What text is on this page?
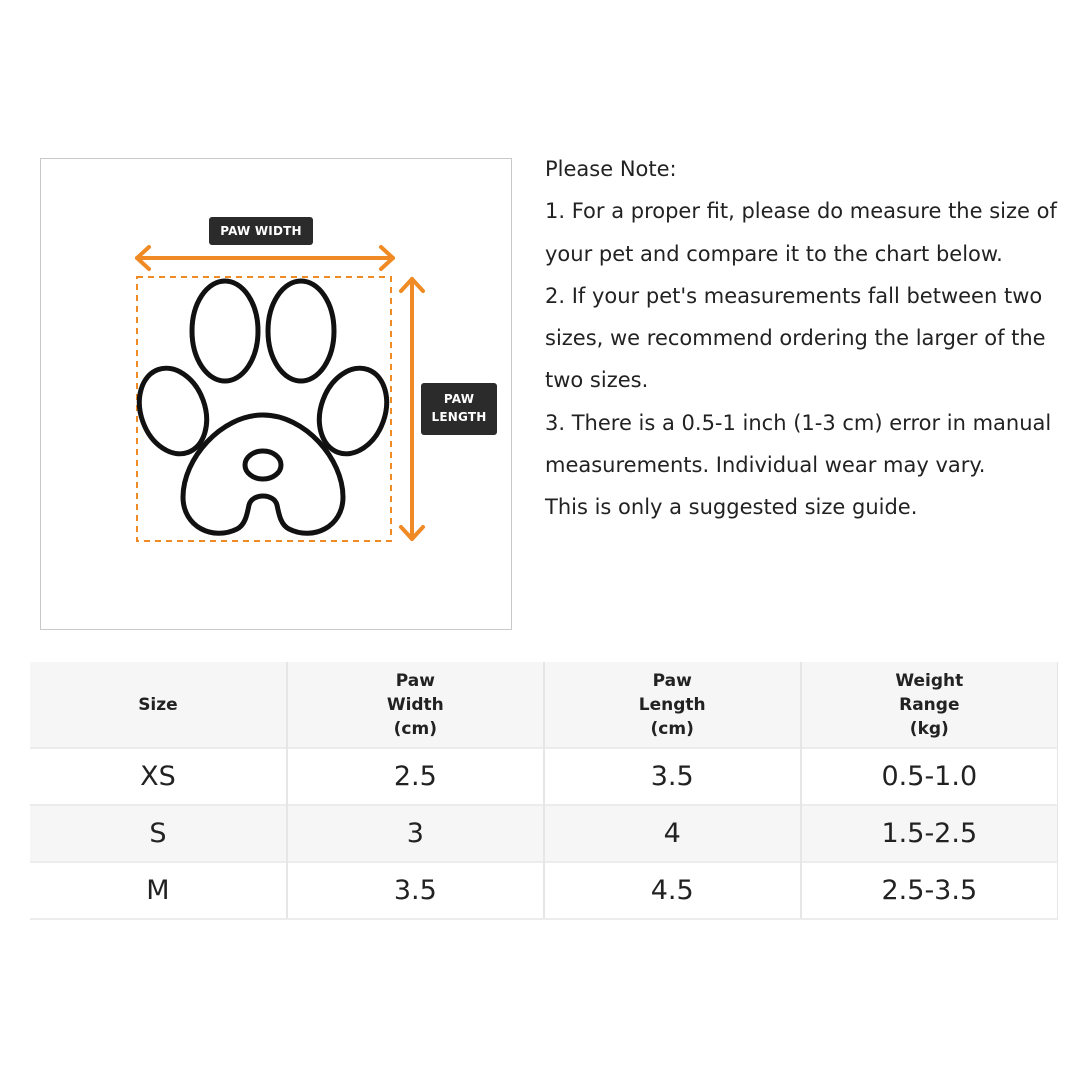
PAW WIDTH
PAW
LENGTH

Please Note:

1. For a proper fit, please do measure the size of your pet and compare it to the chart below.

2. If your pet's measurements fall between two sizes, we recommend ordering the larger of the two sizes.

3. There is a 0.5-1 inch (1-3 cm) error in manual measurements. Individual wear may vary.

This is only a suggested size guide.

Size	Paw
Width
(cm)	Paw
Length
(cm)	Weight
Range
(kg)

XS	2.5	3.5	0.5-1.0
S	3	4	1.5-2.5
M	3.5	4.5	2.5-3.5
